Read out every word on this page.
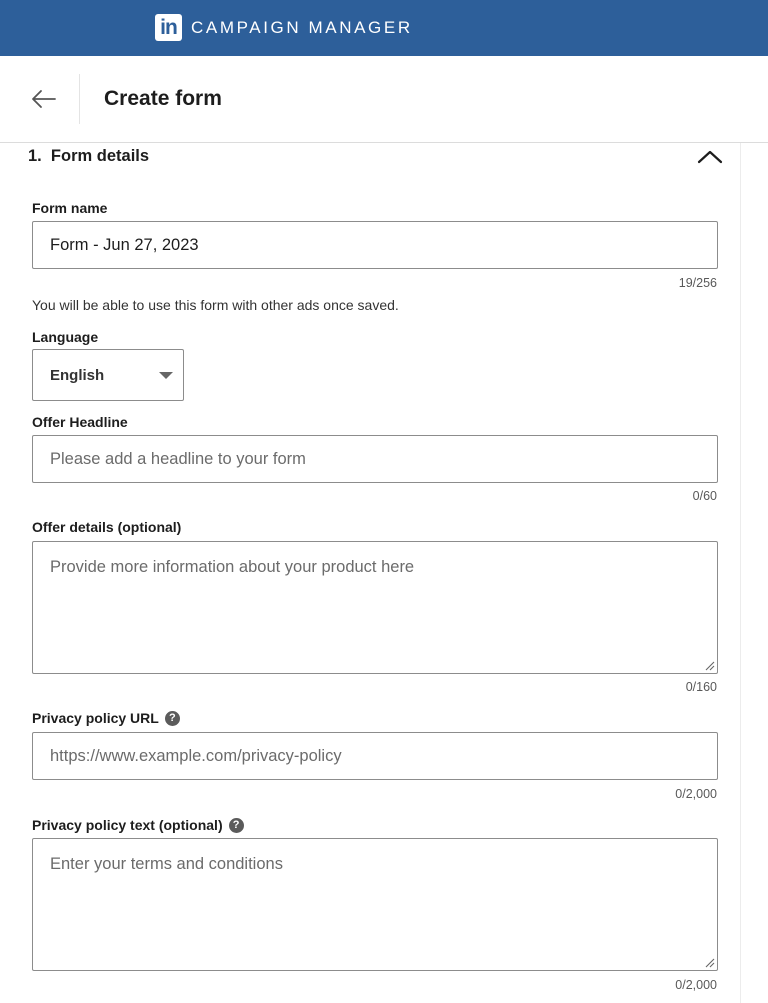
in CAMPAIGN MANAGER
Create form
1.  Form details
Form name
Form - Jun 27, 2023
19/256
You will be able to use this form with other ads once saved.
Language
English
Offer Headline
Please add a headline to your form
0/60
Offer details (optional)
Provide more information about your product here
0/160
Privacy policy URL ?
https://www.example.com/privacy-policy
0/2,000
Privacy policy text (optional) ?
Enter your terms and conditions
0/2,000
